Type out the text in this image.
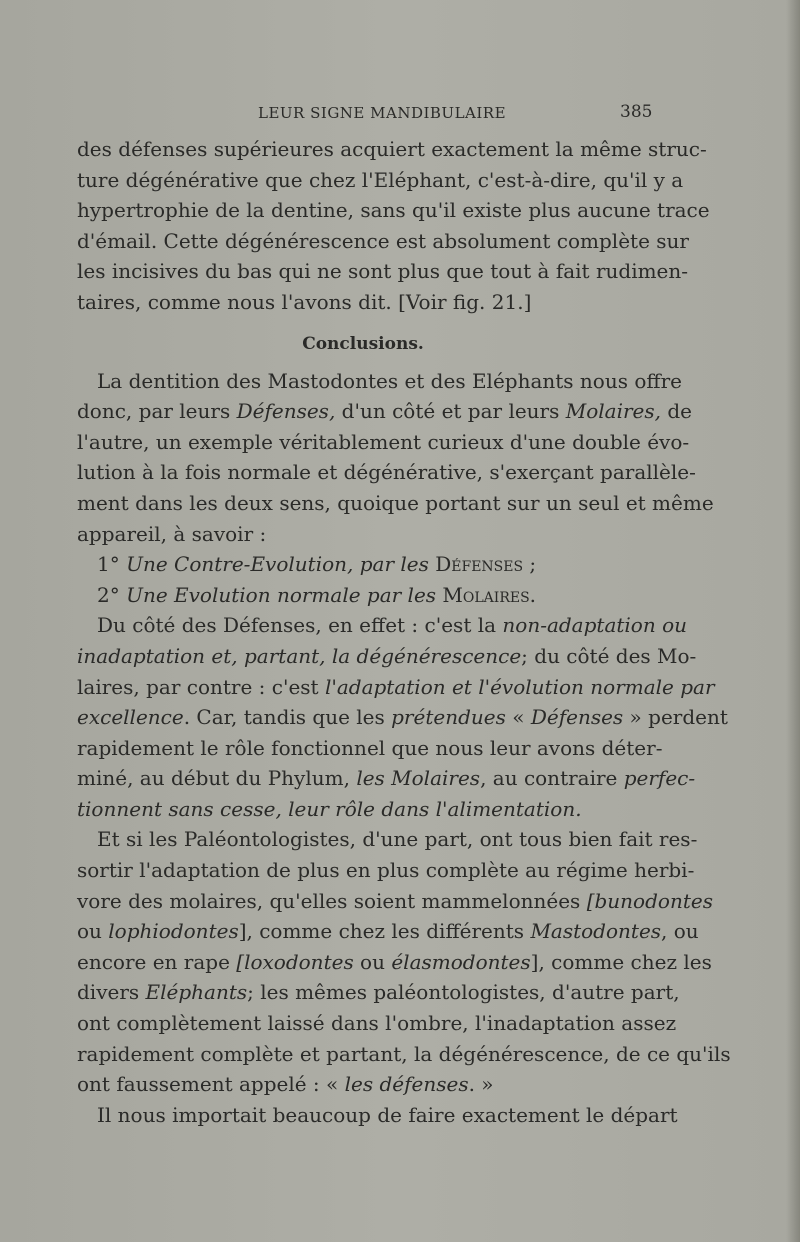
LEUR SIGNE MANDIBULAIRE	385
des défenses supérieures acquiert exactement la même struc-
ture dégénérative que chez l'Eléphant, c'est-à-dire, qu'il y a
hypertrophie de la dentine, sans qu'il existe plus aucune trace
d'émail. Cette dégénérescence est absolument complète sur
les incisives du bas qui ne sont plus que tout à fait rudimen-
taires, comme nous l'avons dit. [Voir fig. 21.]
Conclusions.
La dentition des Mastodontes et des Eléphants nous offre
donc, par leurs Défenses, d'un côté et par leurs Molaires, de
l'autre, un exemple véritablement curieux d'une double évo-
lution à la fois normale et dégénérative, s'exerçant parallèle-
ment dans les deux sens, quoique portant sur un seul et même
appareil, à savoir :
1° Une Contre-Evolution, par les Défenses ;
2° Une Evolution normale par les Molaires.
Du côté des Défenses, en effet : c'est la non-adaptation ou
inadaptation et, partant, la dégénérescence; du côté des Mo-
laires, par contre : c'est l'adaptation et l'évolution normale par
excellence. Car, tandis que les prétendues « Défenses » perdent
rapidement le rôle fonctionnel que nous leur avons déter-
miné, au début du Phylum, les Molaires, au contraire perfec-
tionnent sans cesse, leur rôle dans l'alimentation.
Et si les Paléontologistes, d'une part, ont tous bien fait res-
sortir l'adaptation de plus en plus complète au régime herbi-
vore des molaires, qu'elles soient mammelonnées [bunodontes
ou lophiodontes], comme chez les différents Mastodontes, ou
encore en rape [loxodontes ou élasmodontes], comme chez les
divers Eléphants; les mêmes paléontologistes, d'autre part,
ont complètement laissé dans l'ombre, l'inadaptation assez
rapidement complète et partant, la dégénérescence, de ce qu'ils
ont faussement appelé : « les défenses. »
Il nous importait beaucoup de faire exactement le départ
